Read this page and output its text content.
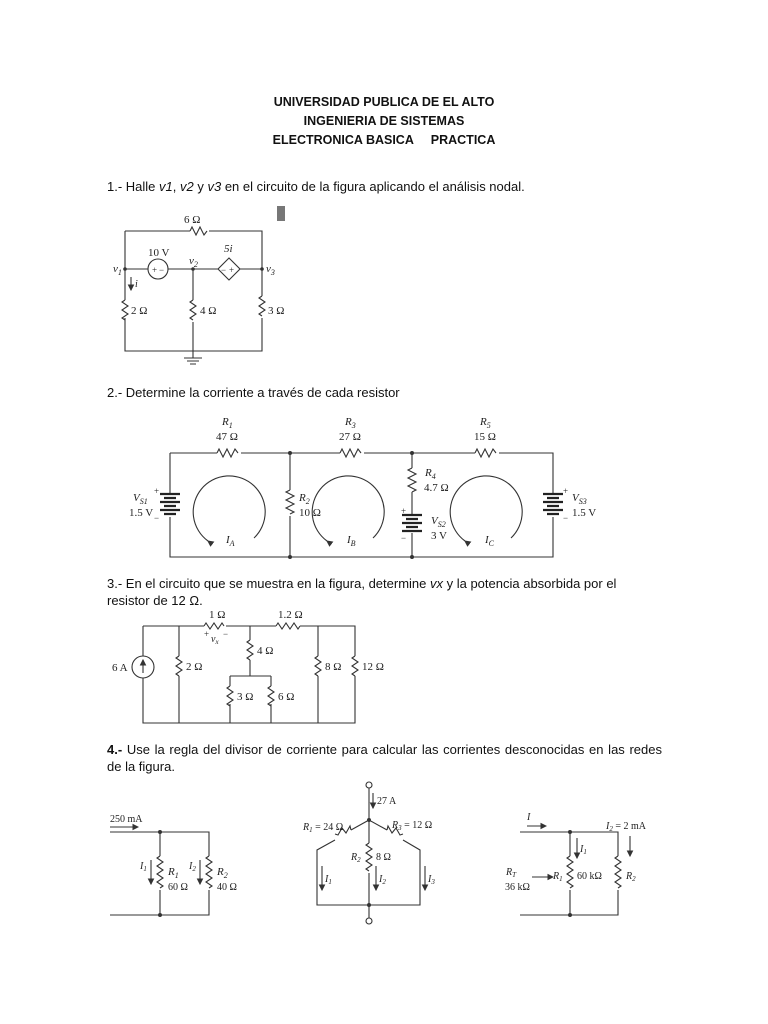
UNIVERSIDAD PUBLICA DE EL ALTO
INGENIERIA DE SISTEMAS
ELECTRONICA BASICA     PRACTICA
1.- Halle v1, v2 y v3 en el circuito de la figura aplicando el análisis nodal.
2.- Determine la corriente a través de cada resistor
3.- En el circuito que se muestra en la figura, determine vx y la potencia absorbida por el resistor de 12 Ω.
4.- Use la regla del divisor de corriente para calcular las corrientes desconocidas en las redes de la figura.
6 Ω
10 V	5i
+ −	− +
$v_1$
$v_2$	$v_3$
i
2 Ω	4 Ω	3 Ω
$R_1$
47 Ω
$R_3$
27 Ω
$R_5$
15 Ω
$R_4$
4.7 Ω
$R_2$
10 Ω
$V_{S1}$
1.5 V
+
−	$V_{S2}$
3 V
+
−
$V_{S3}$
1.5 V
+
−
$I_A$	$I_B$	$I_C$
6 A
1 Ω	1.2 Ω
+ −
$v_x$
2 Ω
4 Ω
3 Ω 6 Ω
8 Ω 12 Ω
250 mA
$I_1$	$I_2$
$R_1$
60 Ω
$R_2$
40 Ω
27 A
$R_1 = 24$ Ω	$R_3 = 12$ Ω
$R_2$ 8 Ω
$I_1$	$I_2$	$I_3$
I
$I_2 = 2$ mA
$I_1$
$R_T$
36 kΩ
$R_1$ 60 kΩ $R_2$
